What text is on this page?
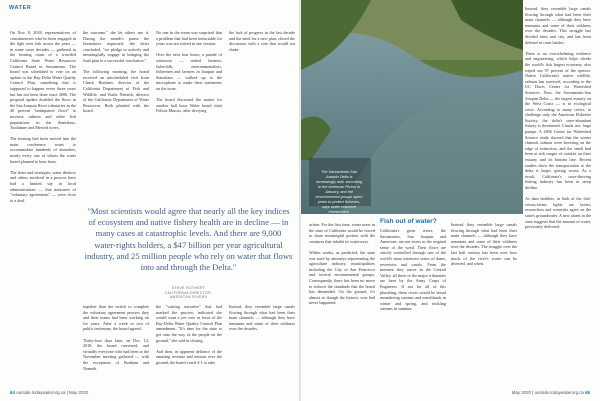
WATER

On Nov. 8, 2018, representatives of constituencies who've been engaged in the fight over fish across the years — in some cases decades — gathered in the hearing room of a crowded California State Water Resources Control Board in Sacramento. The board was scheduled to vote on an update to the Bay-Delta Water Quality Control Plan, something that is supposed to happen every three years but has not been done since 2006. The proposal update doubled the flows in the San Joaquin River tributaries in the 40 percent "unimpaired flows" to increase salmon and other fish populations in the Stanislaus, Tuolumne and Merced rivers.

The hearing had been moved into the main conference room to accommodate hundreds of attendees, nearly every one of whom the water board planned to hear from.

The letter and strategies, water districts and others involved in a process have had a limited say in local administrations — that measures of "voluntary agreements" — were close to a deal.

the outcome," she let others use it. During the month's pause the lawmakers requested, the letter concluded, "we pledge to actively and meaningfully engage in bringing the final plan to a successful conclusion."

The following morning, the board received an unscheduled visit from Chuck Bonham, director of the California Department of Fish and Wildlife, and Karla Nemeth, director of the California Department of Water Resources. Both pleaded with the board.

No one in the room was surprised that a problem that had been intractable for years was not solved in one session.

Over the next four hours, a parade of witnesses — united farmers, fisherfolk, environmentalists, fishermen and farmers in Joaquin and Stanislaus — walked up to the microphone to make their statements on the issue.

The board discussed the matter for another half hour. Water board chair Felicia Marcus, after decrying

the lack of progress in the last decade and the need for a new plan, closed the discussion with a vote that would not shake.

"Most scientists would agree that nearly all the key indices of ecosystem and native fishery health are in decline — in many cases at catastrophic levels. And there are 9,000 water-rights holders, a $47 billion per year agricultural industry, and 25 million people who rely on water that flows into and through the Delta."
STEVE ROTHERT
CALIFORNIA DIRECTOR,
AMERICAN RIVERS

together than the switch to complete the voluntary agreement process they and their teams had been working on for years. After a week or two of public testimony, the board agreed.

Thirty-four days later, on Dec. 12, 2018, the board convened, and virtually everyone who had been at the November meeting gathered — with the exceptions of Bonham and Nemeth.

the "waiting narrative" that had marked the process, indicated she would want a yes vote in favor of the Bay-Delta Water Quality Control Plan amendment. "It's time for the state to get onto the way of the people on the ground," she said in closing.

And then, in apparent defiance of the amazing revenue and tension over the ground, the board voted 4-1 to take

Instead, they resemble large canals flowing through what had been their main channels — although they have remnants and some of their wildness over the decades.

64 ourside.todaywaterorg.ca | May 2020

action. For the first time, water users in the state of California would be forced to share meaningful portion with the creatures that inhabit its waterways.

Within weeks, as predicted, the state was sued by attorneys representing the agriculture industry, municipalities including the City of San Francisco and several environmental groups. Consequently, there has been no move to enforce the standards that the board has demanded. On the ground, it's almost as though the historic vote had never happened.

The Sacramento-San Joaquin Delta is increasingly arid, according to the American Rivers in January, and the environmental groups spent years to protect fisheries, says water resource researchers.
Fish out of water?

California's great rivers, the Sacramento, San Joaquin and American, are not rivers in the original sense of the word. Their flows are strictly controlled through one of the world's most extensive series of dams, reservoirs and canals. From the moment they arrive in the Central Valley, all three of the major tributaries are bent by the Army Corps of Engineers. If not for all of this plumbing, these rivers would be broad meandering streams and marshlands in winter and spring, and trickling streams in summer.

Instead, they resemble large canals flowing through what had been their main channels — although they have remnants and some of their wildness over the decades. The struggle over the last half century has been over how much of the river's water can be diverted, and when.

Instead, they resemble large canals flowing through what had been their main channels — although they have remnants and some of their wildness over the decades. This struggle has divided farm and city, and has been defined in court battles.

There is an overwhelming evidence and engineering, which helps divide the world's fish largest economy, also wiped out 97 percent of the species. Native California's native wildlife, salmon has survived, according to the UC Davis Center for Watershed Sciences. Now, the Sacramento-San Joaquin Delta — the largest estuary on the West Coast — is in ecological crisis. According to many critics, to challenge only the American Fisheries Society, the delta's once-abundant fishery is threatened. Canals use, large pumps. A 2006 Center for Watershed Science study showed that the winter chinook salmon were hovering on the edge of extinction, and the smelt had been at risk ranges of outskirt on their estuary and its bottom line. Recent studies show the transportation to the delta is larger, getting worse. As a result, California's once-thriving fishing industry has been in steep decline.

As dam builders, in both of the fish-versus-farms fights are hotter, researchers and scientists agree on the state's groundwater. A new alarm in the state suggests that the amount of water, previously delivered.

May 2020 | ourside.todaywaterorg.ca 65
